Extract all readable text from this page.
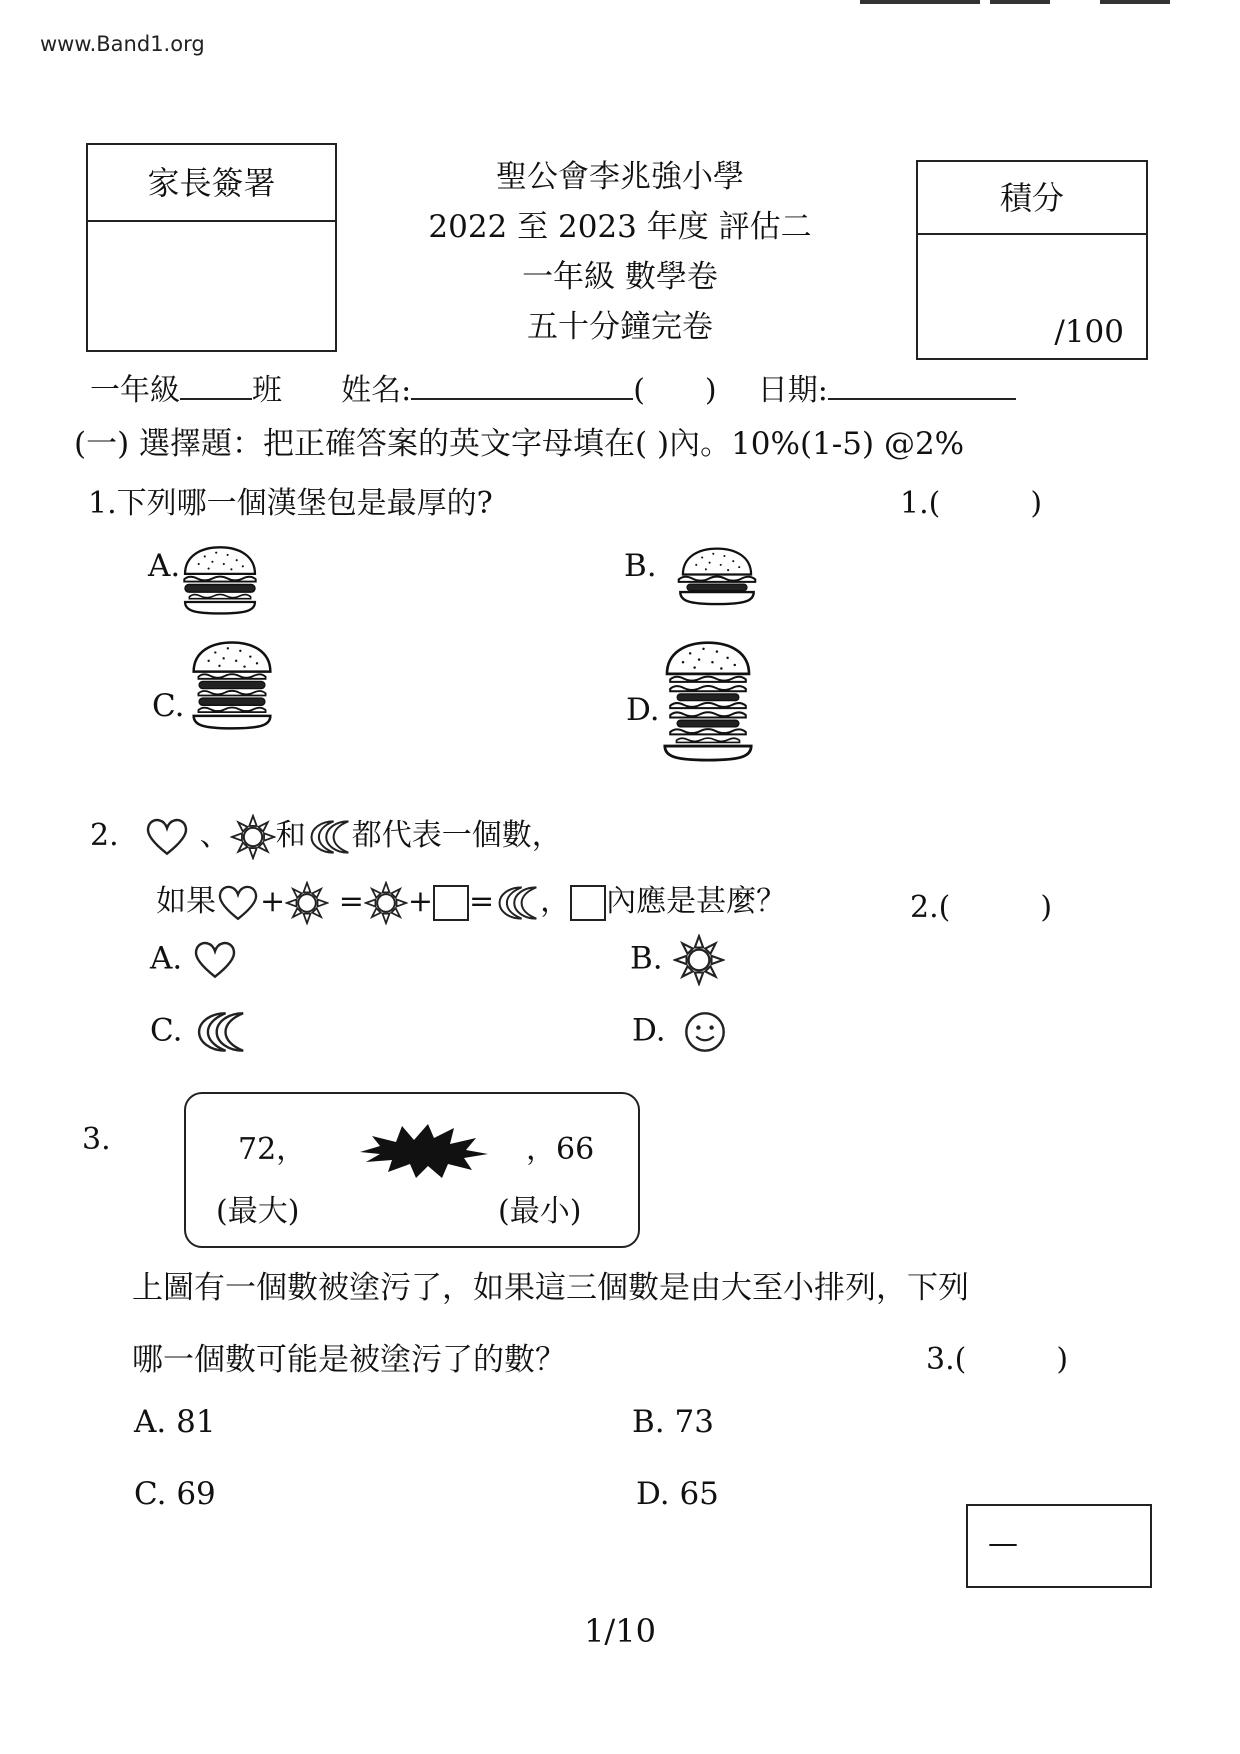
www.Band1.org
家長簽署	聖公會李兆強小學
2022 至 2023 年度 評估二
一年級 數學卷
五十分鐘完卷
積分
/100
一年級 班 姓名:	(　　) 日期:
(一) 選擇題：把正確答案的英文字母填在( )內。10%(1-5) @2%
1.下列哪一個漢堡包是最厚的?	1.(　　　)
A.	B.
C.	D.
2.	、 和 都代表一個數，
如果 + = + = ， 內應是甚麼？	2.(　　　)
A.	B.
C.	D.
3.	72，	，66
(最大)	(最小)
上圖有一個數被塗污了，如果這三個數是由大至小排列，下列
哪一個數可能是被塗污了的數？	3.(　　　)
A. 81	B. 73
C. 69	D. 65
—
1/10
